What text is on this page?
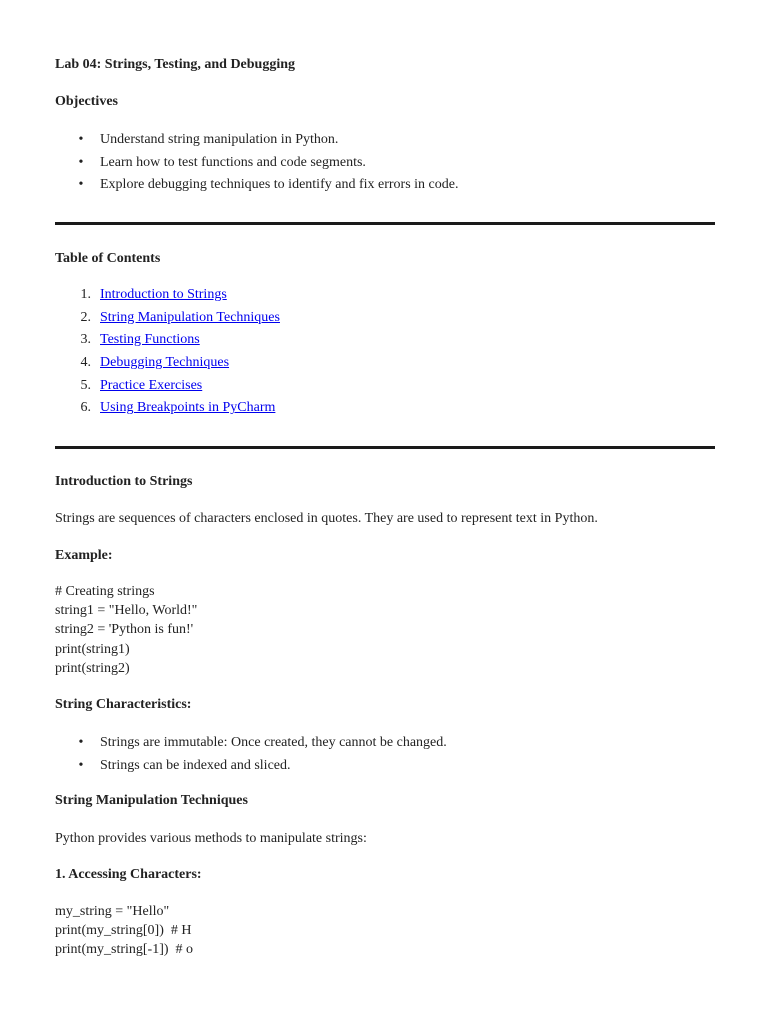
Lab 04: Strings, Testing, and Debugging
Objectives
• Understand string manipulation in Python.
• Learn how to test functions and code segments.
• Explore debugging techniques to identify and fix errors in code.
Table of Contents
1. Introduction to Strings
2. String Manipulation Techniques
3. Testing Functions
4. Debugging Techniques
5. Practice Exercises
6. Using Breakpoints in PyCharm
Introduction to Strings
Strings are sequences of characters enclosed in quotes. They are used to represent text in Python.
Example:
# Creating strings
string1 = "Hello, World!"
string2 = 'Python is fun!'
print(string1)
print(string2)
String Characteristics:
• Strings are immutable: Once created, they cannot be changed.
• Strings can be indexed and sliced.
String Manipulation Techniques
Python provides various methods to manipulate strings:
1. Accessing Characters:
my_string = "Hello"
print(my_string[0])  # H
print(my_string[-1])  # o
